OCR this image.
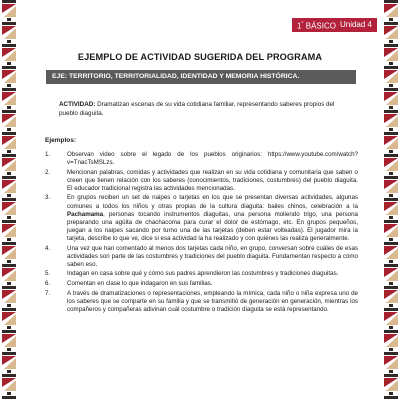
1° BÁSICO Unidad 4
EJEMPLO DE ACTIVIDAD SUGERIDA DEL PROGRAMA
EJE: TERRITORIO, TERRITORIALIDAD, IDENTIDAD Y MEMORIA HISTÓRICA.
ACTIVIDAD: Dramatizan escenas de su vida cotidiana familiar, representando saberes propios del pueblo diaguita.
Ejemplos:
1.	Observan video sobre el legado de los pueblos originarios: https://www.youtube.com/watch?v=TnacTsMSLzs.
2.	Mencionan palabras, comidas y actividades que realizan en su vida cotidiana y comunitaria que saben o creen que tienen relación con los saberes (conocimientos, tradiciones, costumbres) del pueblo diaguita. El educador tradicional registra las actividades mencionadas.
3.	En grupos reciben un set de naipes o tarjetas en los que se presentan diversas actividades, algunas comunes a todos los niños y otras propias de la cultura diaguita: bailes chinos, celebración a la Pachamama, personas tocando instrumentos diaguitas, una persona moliendo trigo, una persona preparando una agüita de chachacoma para curar el dolor de estómago, etc. En grupos pequeños, juegan a los naipes sacando por turno una de las tarjetas (deben estar volteadas). El jugador mira la tarjeta, describe lo que ve, dice si esa actividad la ha realizado y con quiénes las realiza generalmente.
4.	Una vez que han comentado al menos dos tarjetas cada niño, en grupo, conversan sobre cuáles de esas actividades son parte de las costumbres y tradiciones del pueblo diaguita. Fundamentan respecto a cómo saben eso.
5.	Indagan en casa sobre qué y cómo sus padres aprendieron las costumbres y tradiciones diaguitas.
6.	Comentan en clase lo que indagaron en sus familias.
7.	A través de dramatizaciones o representaciones, empleando la mímica, cada niño o niña expresa uno de los saberes que se comparte en su familia y que se transmitió de generación en generación, mientras los compañeros y compañeras adivinan cuál costumbre o tradición diaguita se está representando.
